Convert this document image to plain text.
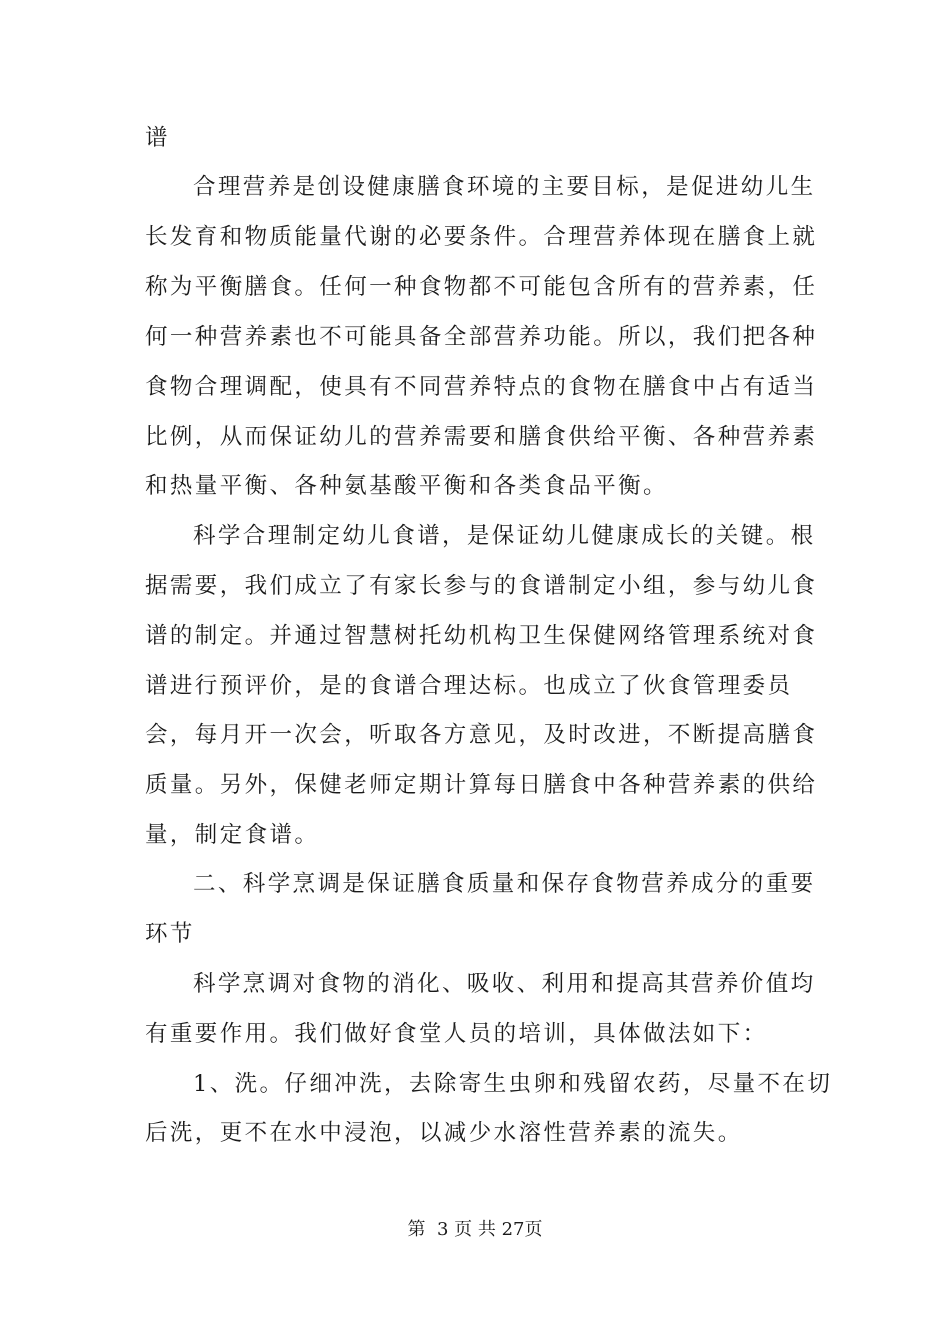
谱
合理营养是创设健康膳食环境的主要目标，是促进幼儿生
长发育和物质能量代谢的必要条件。合理营养体现在膳食上就
称为平衡膳食。任何一种食物都不可能包含所有的营养素，任
何一种营养素也不可能具备全部营养功能。所以，我们把各种
食物合理调配，使具有不同营养特点的食物在膳食中占有适当
比例，从而保证幼儿的营养需要和膳食供给平衡、各种营养素
和热量平衡、各种氨基酸平衡和各类食品平衡。
科学合理制定幼儿食谱，是保证幼儿健康成长的关键。根
据需要，我们成立了有家长参与的食谱制定小组，参与幼儿食
谱的制定。并通过智慧树托幼机构卫生保健网络管理系统对食
谱进行预评价，是的食谱合理达标。也成立了伙食管理委员
会，每月开一次会，听取各方意见，及时改进，不断提高膳食
质量。另外，保健老师定期计算每日膳食中各种营养素的供给
量，制定食谱。
二、科学烹调是保证膳食质量和保存食物营养成分的重要
环节
科学烹调对食物的消化、吸收、利用和提高其营养价值均
有重要作用。我们做好食堂人员的培训，具体做法如下：
1、洗。仔细冲洗，去除寄生虫卵和残留农药，尽量不在切
后洗，更不在水中浸泡，以减少水溶性营养素的流失。
第  3 页 共 27页
